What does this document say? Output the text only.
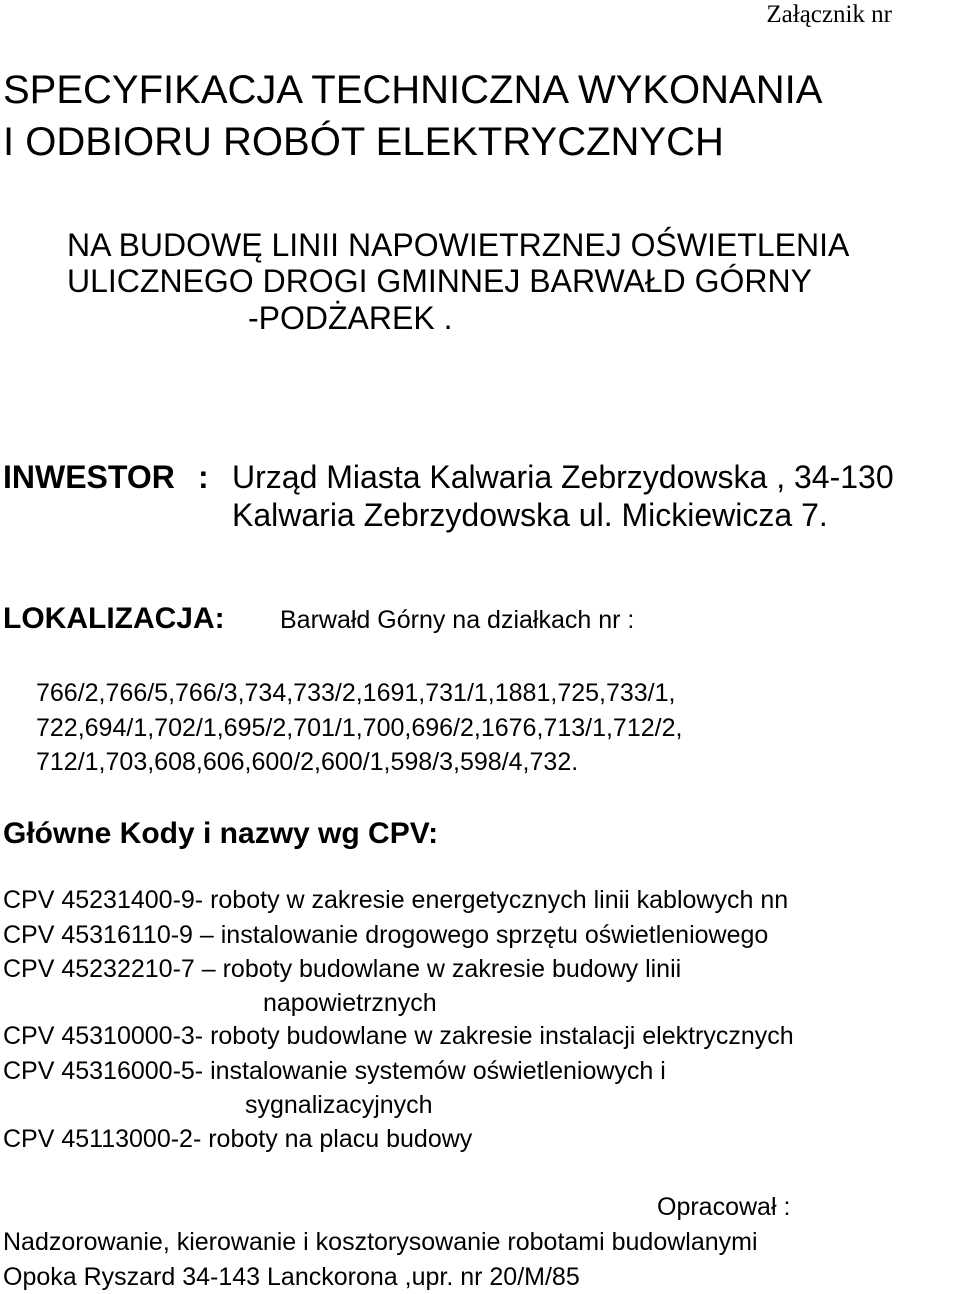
Załącznik nr
SPECYFIKACJA TECHNICZNA WYKONANIA
I ODBIORU ROBÓT ELEKTRYCZNYCH
NA BUDOWĘ LINII NAPOWIETRZNEJ OŚWIETLENIA
ULICZNEGO DROGI GMINNEJ BARWAŁD GÓRNY
-PODŻAREK .
INWESTOR : Urząd Miasta Kalwaria Zebrzydowska , 34-130
Kalwaria Zebrzydowska ul. Mickiewicza 7.
LOKALIZACJA: Barwałd Górny na działkach nr :
766/2,766/5,766/3,734,733/2,1691,731/1,1881,725,733/1,
722,694/1,702/1,695/2,701/1,700,696/2,1676,713/1,712/2,
712/1,703,608,606,600/2,600/1,598/3,598/4,732.
Główne Kody i nazwy wg CPV:
CPV 45231400-9- roboty w zakresie energetycznych linii kablowych nn
CPV 45316110-9 – instalowanie drogowego sprzętu oświetleniowego
CPV 45232210-7 – roboty budowlane w zakresie budowy linii
napowietrznych
CPV 45310000-3- roboty budowlane w zakresie instalacji elektrycznych
CPV 45316000-5- instalowanie systemów oświetleniowych i
sygnalizacyjnych
CPV 45113000-2- roboty na placu budowy
Opracował :
Nadzorowanie, kierowanie i kosztorysowanie robotami budowlanymi
Opoka Ryszard 34-143 Lanckorona ,upr. nr 20/M/85
